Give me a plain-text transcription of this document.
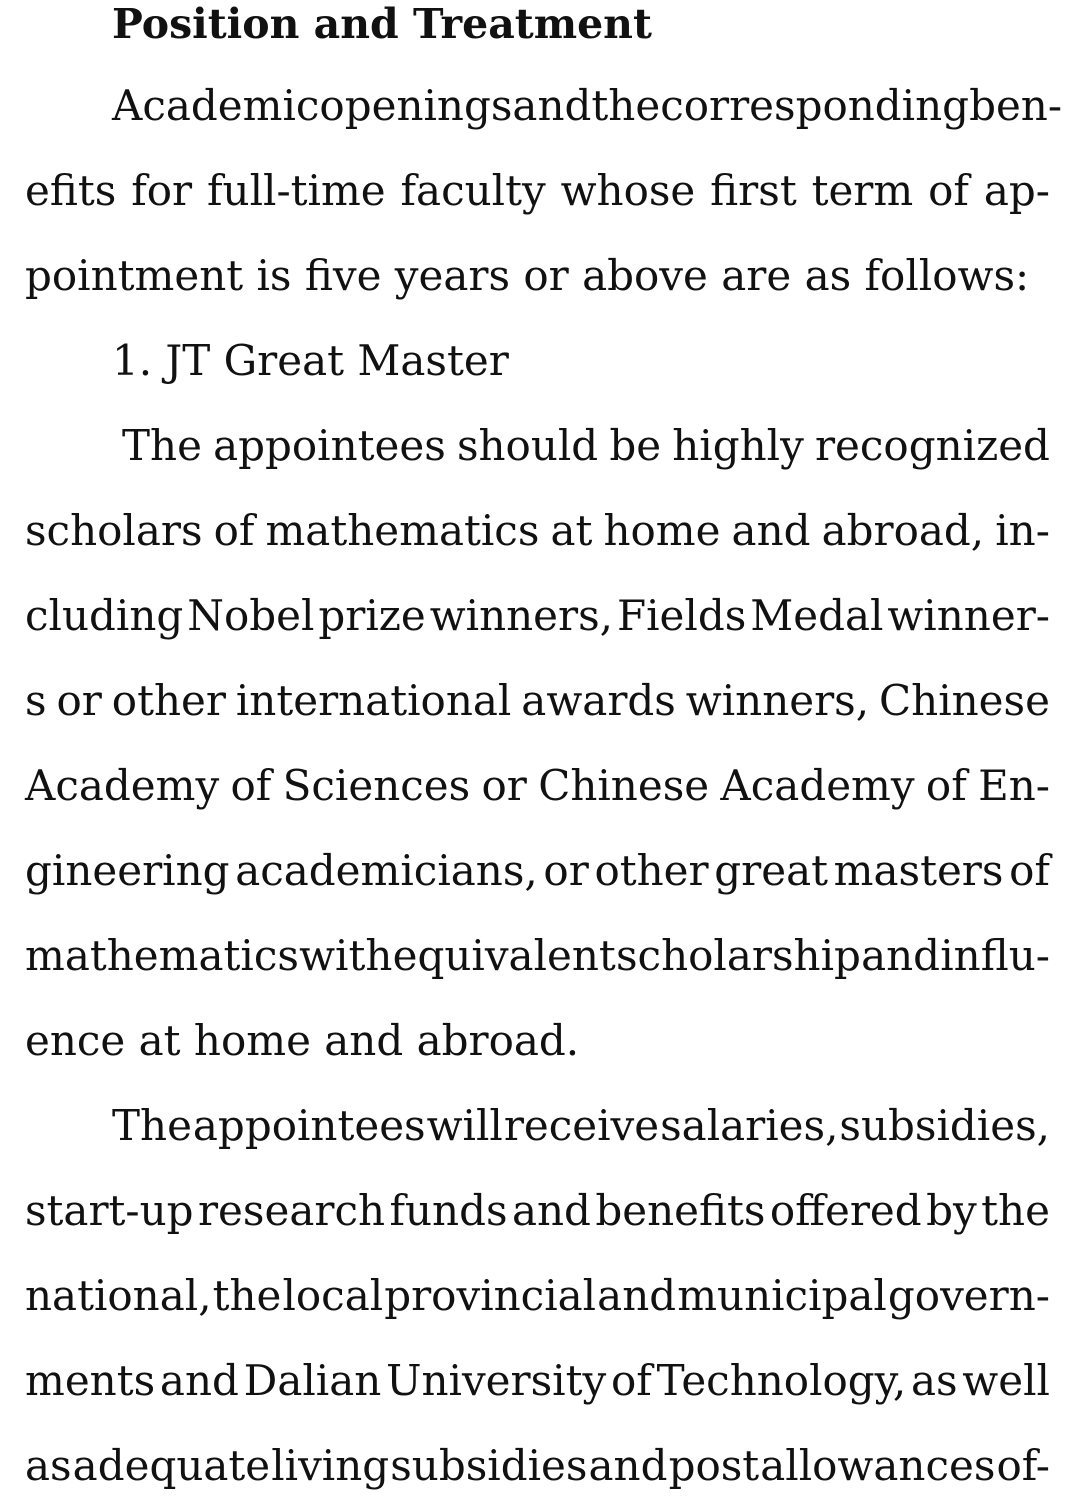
Position and Treatment
Academic openings and the corresponding ben-
efits for full-time faculty whose first term of ap-
pointment is five years or above are as follows:
1. JT Great Master
The appointees should be highly recognized
scholars of mathematics at home and abroad, in-
cluding Nobel prize winners, Fields Medal winner-
s or other international awards winners, Chinese
Academy of Sciences or Chinese Academy of En-
gineering academicians, or other great masters of
mathematics with equivalent scholarship and influ-
ence at home and abroad.
The appointees will receive salaries, subsidies,
start-up research funds and benefits offered by the
national, the local provincial and municipal govern-
ments and Dalian University of Technology, as well
as adequate living subsidies and post allowances of-
